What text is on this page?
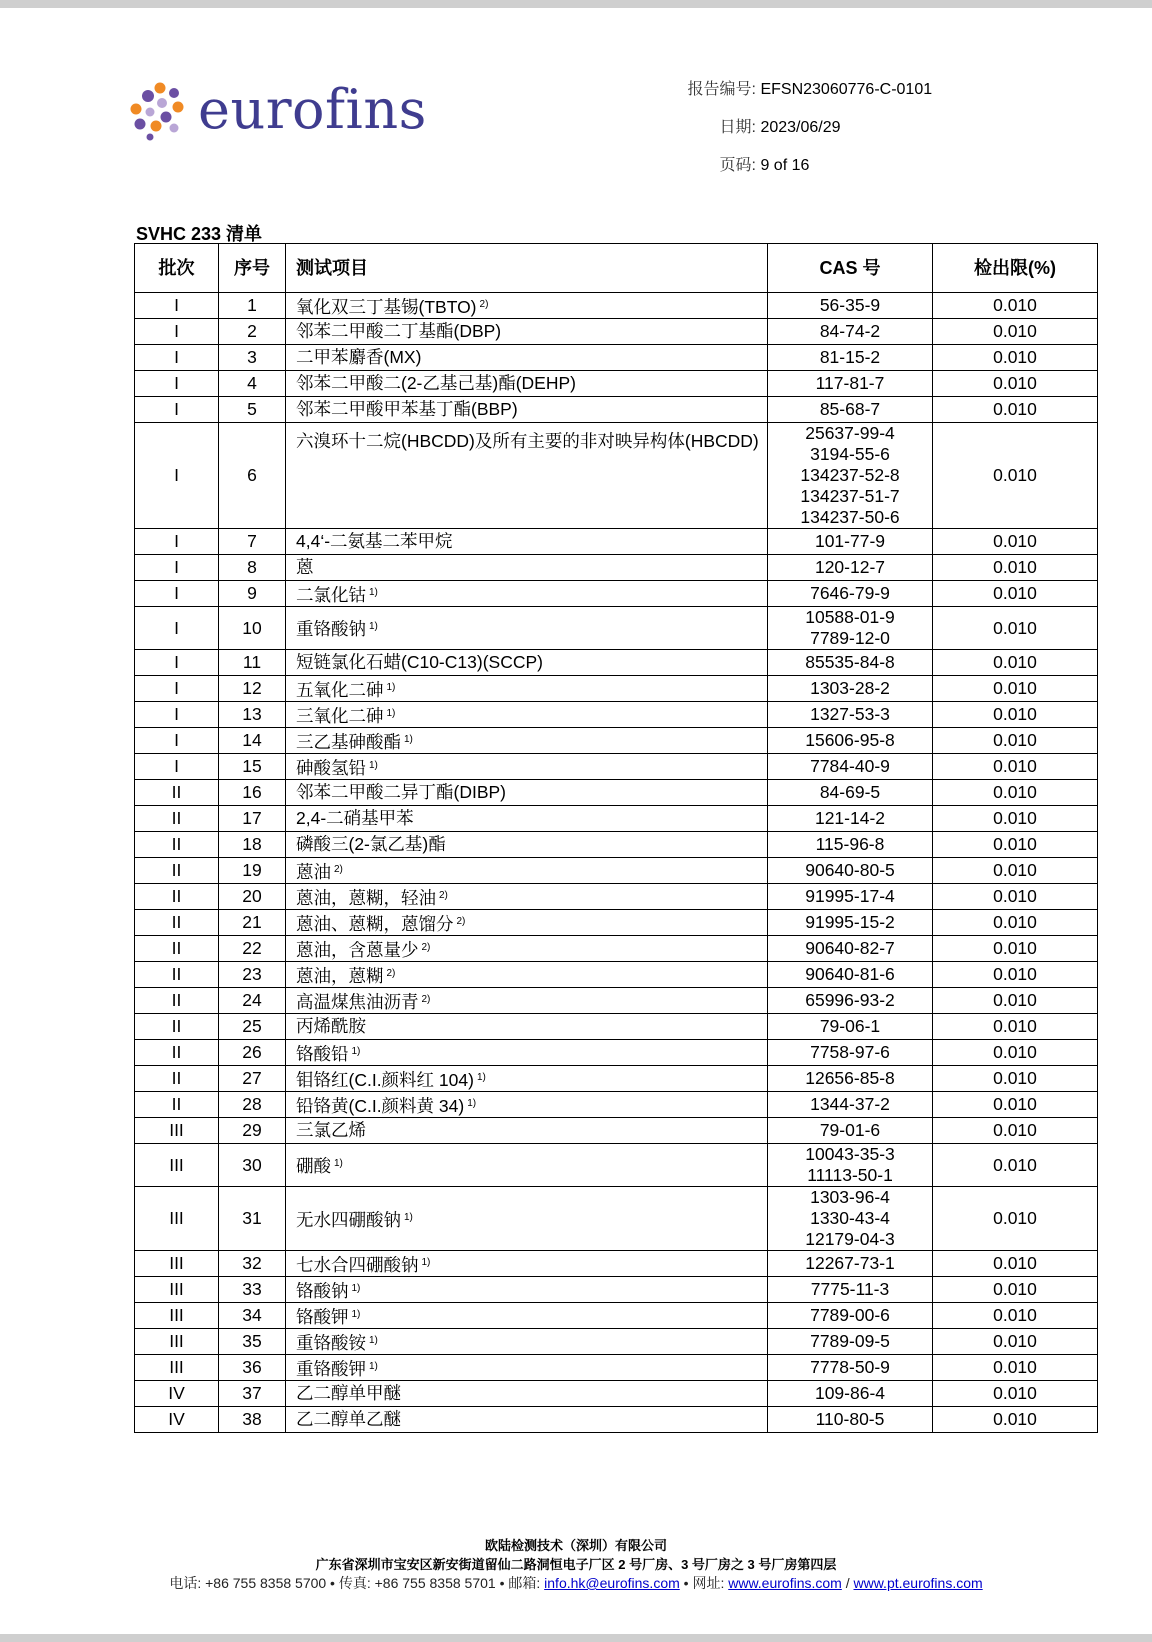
eurofins	报告编号: EFSN23060776-C-0101
日期: 2023/06/29
页码: 9 of 16
SVHC 233 清单
批次	序号	测试项目	CAS 号	检出限(%)
I	1	氧化双三丁基锡(TBTO) $^{2)}$	56-35-9	0.010
I	2	邻苯二甲酸二丁基酯(DBP)	84-74-2	0.010
I	3	二甲苯麝香(MX)	81-15-2	0.010
I	4	邻苯二甲酸二(2-乙基己基)酯(DEHP)	117-81-7	0.010
I	5	邻苯二甲酸甲苯基丁酯(BBP)	85-68-7	0.010
I	6	六溴环十二烷(HBCDD)及所有主要的非对映异构体(HBCDD)	25637-99-4
3194-55-6
134237-52-8
134237-51-7
134237-50-6	0.010
I	7	4,4‘-二氨基二苯甲烷	101-77-9	0.010
I	8	蒽	120-12-7	0.010
I	9	二氯化钴 $^{1)}$	7646-79-9	0.010
I	10	重铬酸钠 $^{1)}$	10588-01-9
7789-12-0	0.010
I	11	短链氯化石蜡(C10-C13)(SCCP)	85535-84-8	0.010
I	12	五氧化二砷 $^{1)}$	1303-28-2	0.010
I	13	三氧化二砷 $^{1)}$	1327-53-3	0.010
I	14	三乙基砷酸酯 $^{1)}$	15606-95-8	0.010
I	15	砷酸氢铅 $^{1)}$	7784-40-9	0.010
II	16	邻苯二甲酸二异丁酯(DIBP)	84-69-5	0.010
II	17	2,4-二硝基甲苯	121-14-2	0.010
II	18	磷酸三(2-氯乙基)酯	115-96-8	0.010
II	19	蒽油 $^{2)}$	90640-80-5	0.010
II	20	蒽油，蒽糊，轻油 $^{2)}$	91995-17-4	0.010
II	21	蒽油、蒽糊，蒽馏分 $^{2)}$	91995-15-2	0.010
II	22	蒽油，含蒽量少 $^{2)}$	90640-82-7	0.010
II	23	蒽油，蒽糊 $^{2)}$	90640-81-6	0.010
II	24	高温煤焦油沥青 $^{2)}$	65996-93-2	0.010
II	25	丙烯酰胺	79-06-1	0.010
II	26	铬酸铅 $^{1)}$	7758-97-6	0.010
II	27	钼铬红(C.I.颜料红 104) $^{1)}$	12656-85-8	0.010
II	28	铅铬黄(C.I.颜料黄 34) $^{1)}$	1344-37-2	0.010
III	29	三氯乙烯	79-01-6	0.010
III	30	硼酸 $^{1)}$	10043-35-3
11113-50-1	0.010
III	31	无水四硼酸钠 $^{1)}$	1303-96-4
1330-43-4
12179-04-3	0.010
III	32	七水合四硼酸钠 $^{1)}$	12267-73-1	0.010
III	33	铬酸钠 $^{1)}$	7775-11-3	0.010
III	34	铬酸钾 $^{1)}$	7789-00-6	0.010
III	35	重铬酸铵 $^{1)}$	7789-09-5	0.010
III	36	重铬酸钾 $^{1)}$	7778-50-9	0.010
IV	37	乙二醇单甲醚	109-86-4	0.010
IV	38	乙二醇单乙醚	110-80-5	0.010
欧陆检测技术（深圳）有限公司
广东省深圳市宝安区新安街道留仙二路洞恒电子厂区 2 号厂房、3 号厂房之 3 号厂房第四层
电话: +86 755 8358 5700 • 传真: +86 755 8358 5701 • 邮箱: info.hk@eurofins.com • 网址: www.eurofins.com / www.pt.eurofins.com
